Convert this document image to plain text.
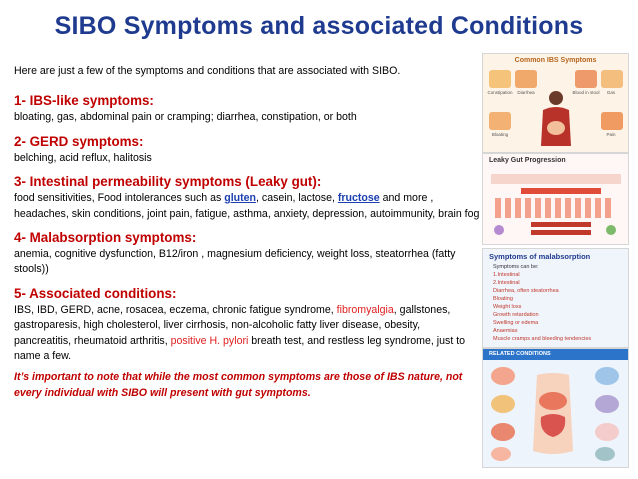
SIBO Symptoms and associated Conditions
Here are just a few of the symptoms and conditions that are associated with SIBO.
1- IBS-like symptoms:
bloating, gas, abdominal pain or cramping; diarrhea, constipation, or both
2- GERD symptoms:
belching, acid reflux, halitosis
3- Intestinal permeability symptoms (Leaky gut):
food sensitivities, Food intolerances such as gluten, casein, lactose, fructose and more , headaches, skin conditions, joint pain, fatigue, asthma, anxiety, depression, autoimmunity, brain fog
4- Malabsorption symptoms:
anemia, cognitive dysfunction, B12/iron , magnesium deficiency, weight loss, steatorrhea (fatty stools))
5- Associated conditions:
IBS, IBD, GERD, acne, rosacea, eczema, chronic fatigue syndrome, fibromyalgia, gallstones, gastroparesis, high cholesterol, liver cirrhosis, non-alcoholic fatty liver disease, obesity, pancreatitis, rheumatoid arthritis, positive H. pylori breath test, and restless leg syndrome, just to name a few.
It’s important to note that while the most common symptoms are those of IBS nature, not every individual with SIBO will present with gut symptoms.
Common IBS Symptoms
Constipation	Diarrhea	Blood in stool	Gas
Bloating	Pain
Leaky Gut Progression
Symptoms of malabsorption
Symptoms can be:
1.Intestinal
2.Intestinal
Diarrhea, often steatorrhea
Bloating
Weight loss
Growth retardation
Swelling or edema
Anaemias
Muscle cramps and bleeding tendencies
RELATED CONDITIONS
